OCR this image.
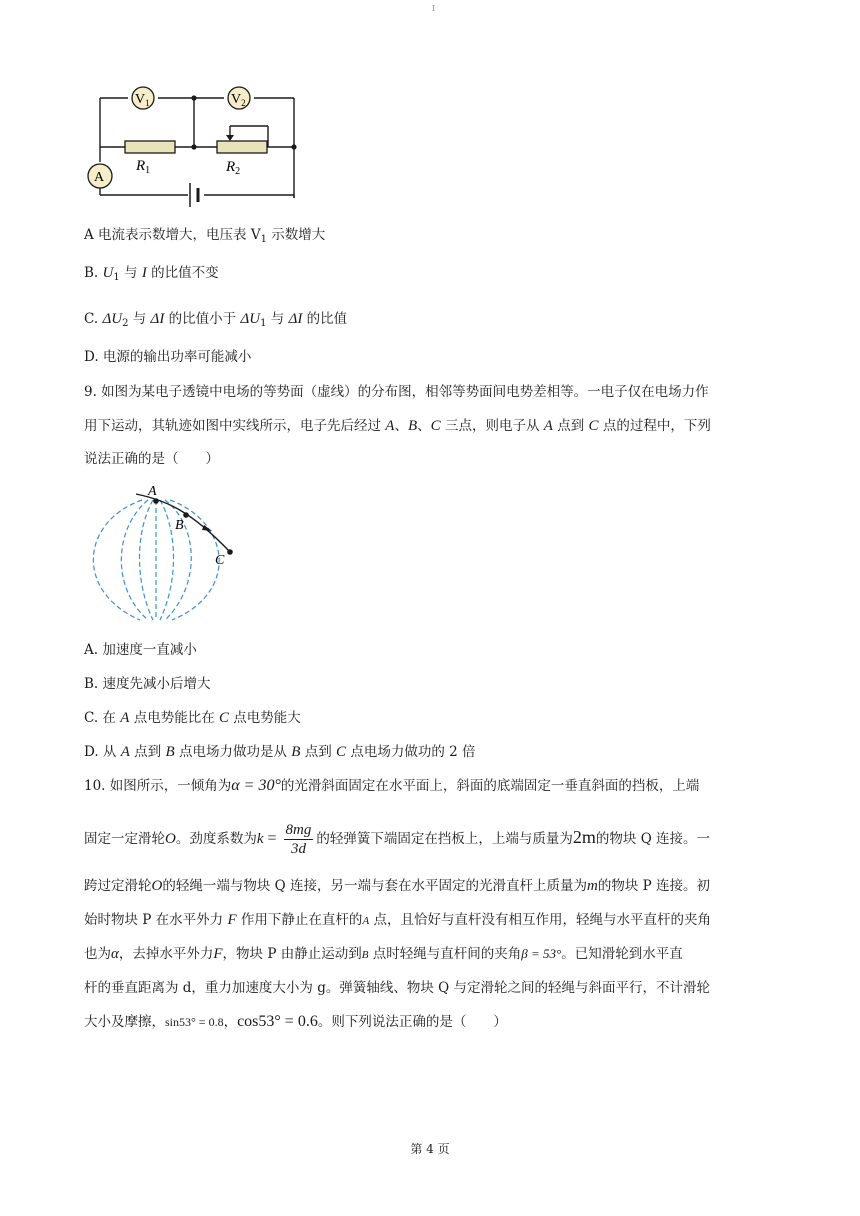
I
$V_1$	$V_2$
A
$R_1$	$R_2$
A 电流表示数增大，电压表 $V_1$ 示数增大
B. $U_1$ 与 I 的比值不变
C. $\Delta U_2$ 与 ΔI 的比值小于 $\Delta U_1$ 与 ΔI 的比值
D. 电源的输出功率可能减小
9. 如图为某电子透镜中电场的等势面（虚线）的分布图，相邻等势面间电势差相等。一电子仅在电场力作
用下运动，其轨迹如图中实线所示，电子先后经过 A、B、C 三点，则电子从 A 点到 C 点的过程中，下列
说法正确的是（　　）
A
B
C
A. 加速度一直减小
B. 速度先减小后增大
C. 在 A 点电势能比在 C 点电势能大
D. 从 A 点到 B 点电场力做功是从 B 点到 C 点电场力做功的 2 倍
10. 如图所示，一倾角为α = 30°的光滑斜面固定在水平面上，斜面的底端固定一垂直斜面的挡板，上端
固定一定滑轮O。劲度系数为$k = \frac{8mg}{3d}$ 的轻弹簧下端固定在挡板上，上端与质量为2m的物块 Q 连接。一
跨过定滑轮O的轻绳一端与物块 Q 连接，另一端与套在水平固定的光滑直杆上质量为m的物块 P 连接。初
始时物块 P 在水平外力 F 作用下静止在直杆的A 点，且恰好与直杆没有相互作用，轻绳与水平直杆的夹角
也为α，去掉水平外力F，物块 P 由静止运动到B 点时轻绳与直杆间的夹角β = 53°。已知滑轮到水平直
杆的垂直距离为 d，重力加速度大小为 g。弹簧轴线、物块 Q 与定滑轮之间的轻绳与斜面平行，不计滑轮
大小及摩擦，sin53° = 0.8，cos53° = 0.6。则下列说法正确的是（　　）
第 4 页
